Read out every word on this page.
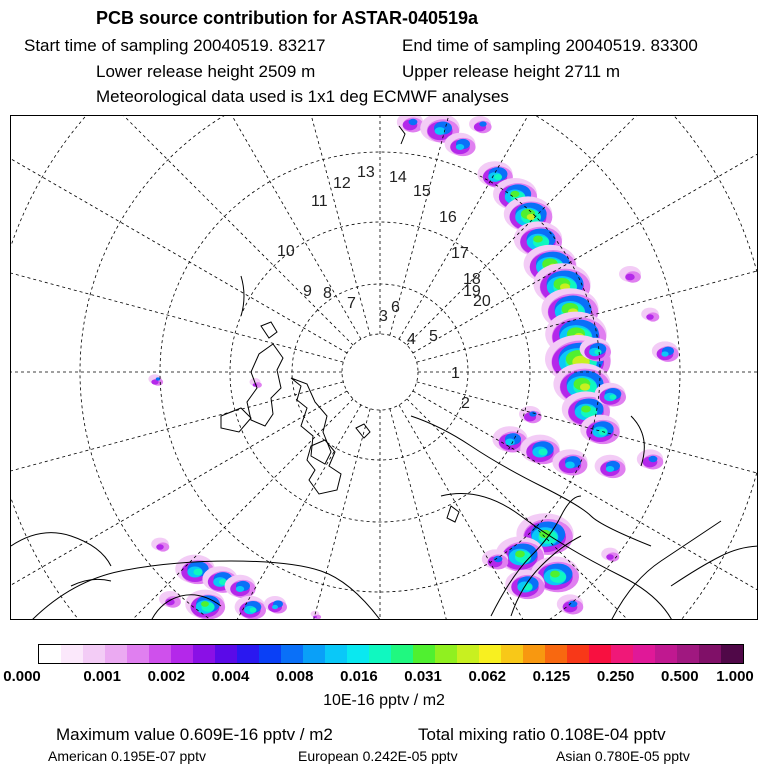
PCB source contribution for ASTAR-040519a
Start time of sampling 20040519. 83217	End time of sampling 20040519. 83300
Lower release height 2509 m	Upper release height 2711 m
Meteorological data used is 1x1 deg ECMWF analyses
1
2
3
4 5
6
7
8
9
10
11
12
13 14
15
16
17
18
19
20
0.000	0.001 0.002 0.004 0.008 0.016 0.031 0.062 0.125 0.250 0.500 1.000
10E-16 pptv / m2
Maximum value 0.609E-16 pptv / m2	Total mixing ratio 0.108E-04 pptv
American 0.195E-07 pptv	European 0.242E-05 pptv	Asian 0.780E-05 pptv
